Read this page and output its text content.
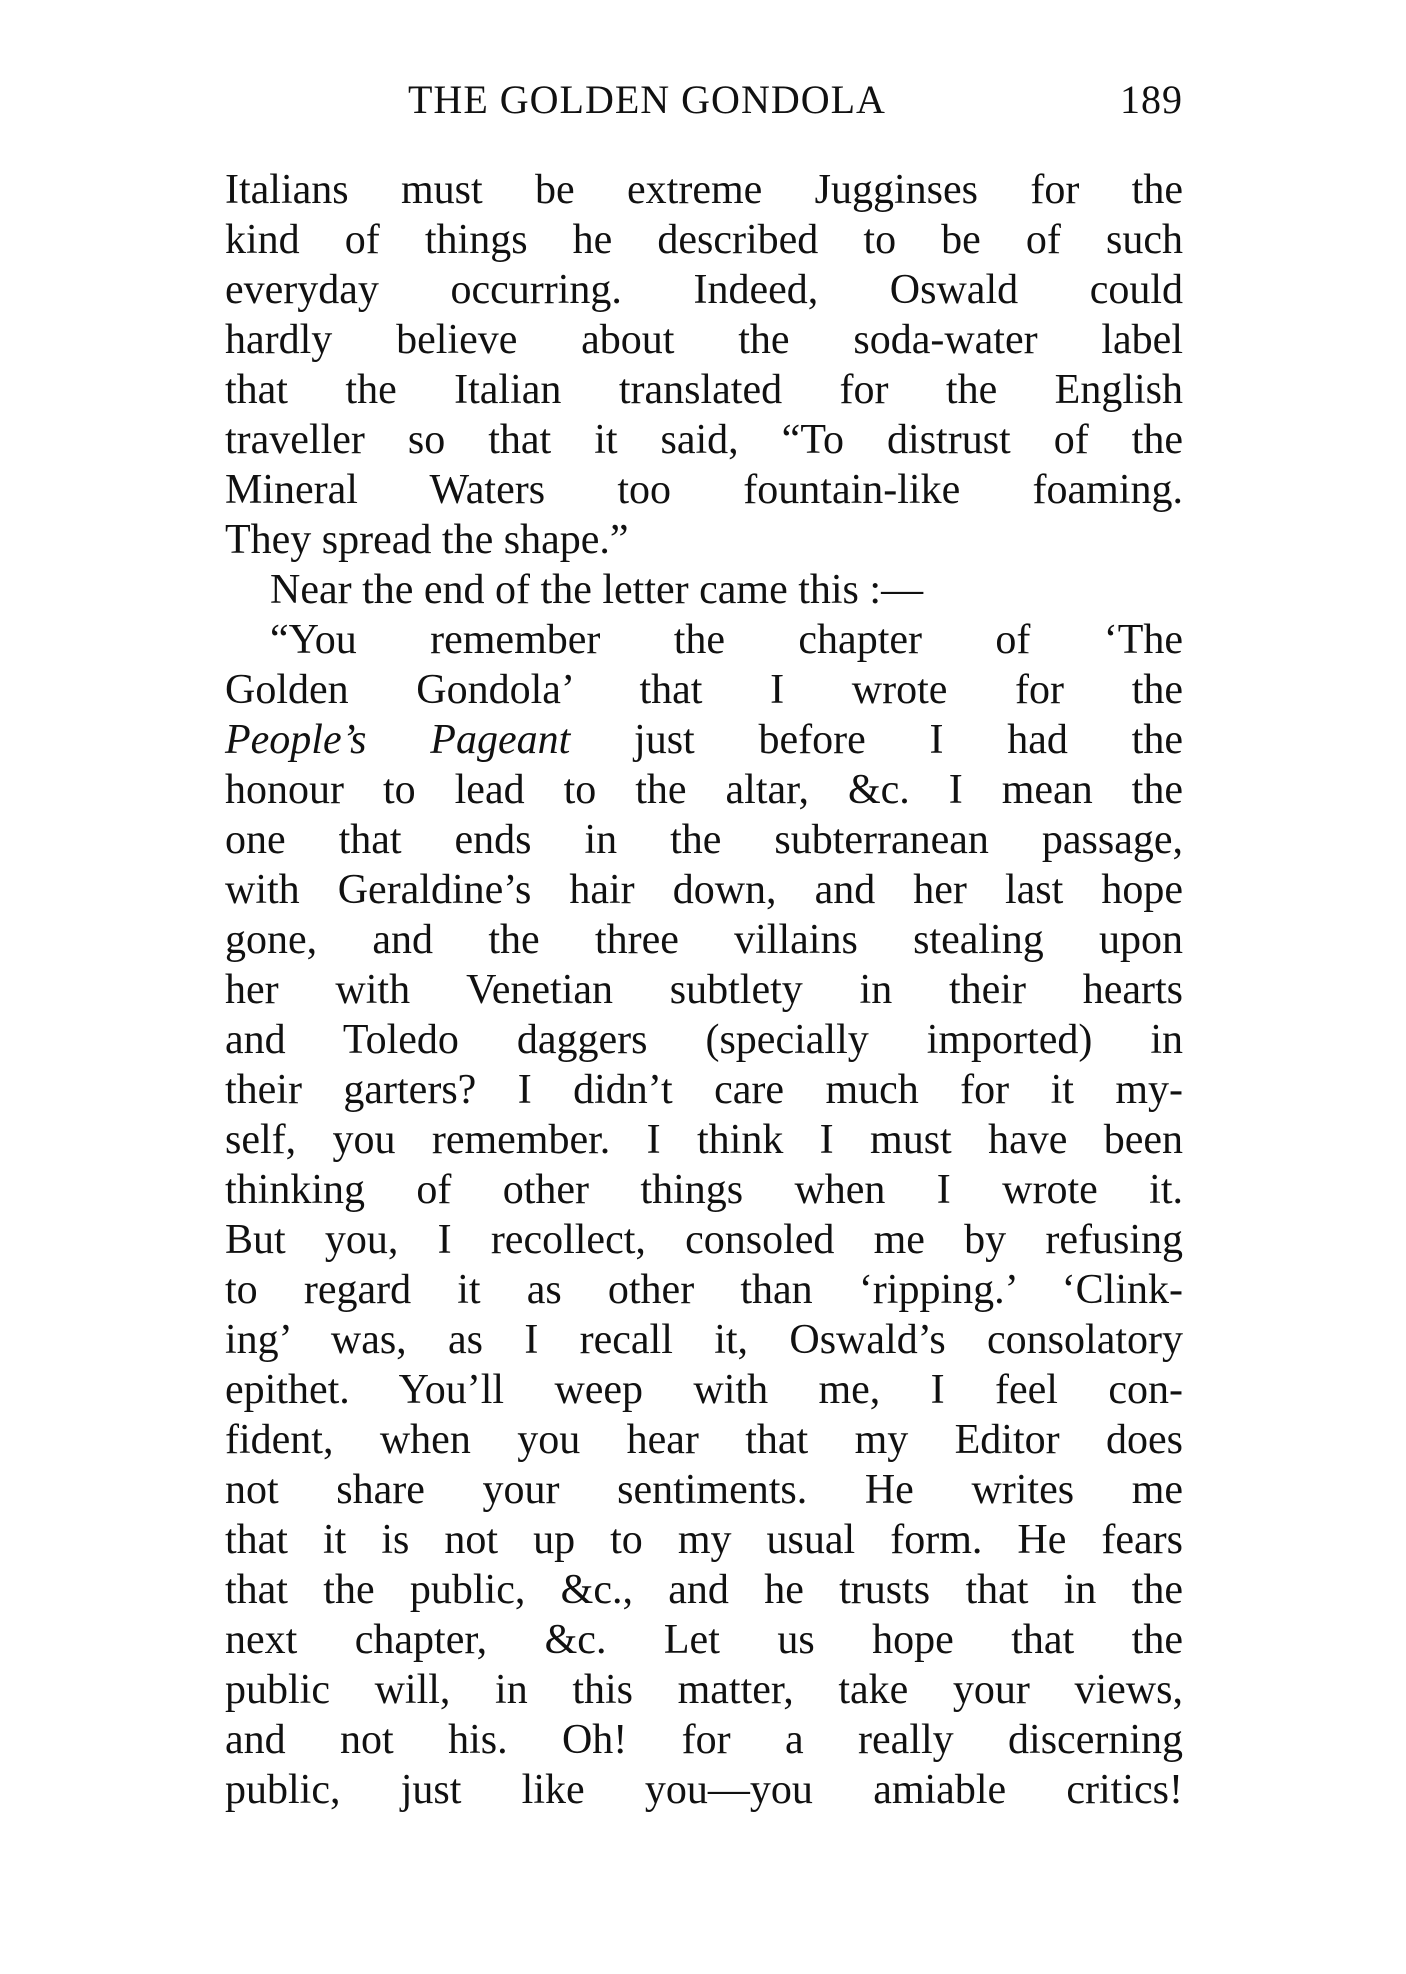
THE GOLDEN GONDOLA	189
Italians must be extreme Jugginses for the
kind of things he described to be of such
everyday occurring. Indeed, Oswald could
hardly believe about the soda-water label
that the Italian translated for the English
traveller so that it said, “To distrust of the
Mineral Waters too fountain-like foaming.
They spread the shape.”
Near the end of the letter came this :—
“You remember the chapter of ‘The
Golden Gondola’ that I wrote for the
People’s Pageant just before I had the
honour to lead to the altar, &c. I mean the
one that ends in the subterranean passage,
with Geraldine’s hair down, and her last hope
gone, and the three villains stealing upon
her with Venetian subtlety in their hearts
and Toledo daggers (specially imported) in
their garters? I didn’t care much for it my-
self, you remember. I think I must have been
thinking of other things when I wrote it.
But you, I recollect, consoled me by refusing
to regard it as other than ‘ripping.’ ‘Clink-
ing’ was, as I recall it, Oswald’s consolatory
epithet. You’ll weep with me, I feel con-
fident, when you hear that my Editor does
not share your sentiments. He writes me
that it is not up to my usual form. He fears
that the public, &c., and he trusts that in the
next chapter, &c. Let us hope that the
public will, in this matter, take your views,
and not his. Oh! for a really discerning
public, just like you—you amiable critics!
